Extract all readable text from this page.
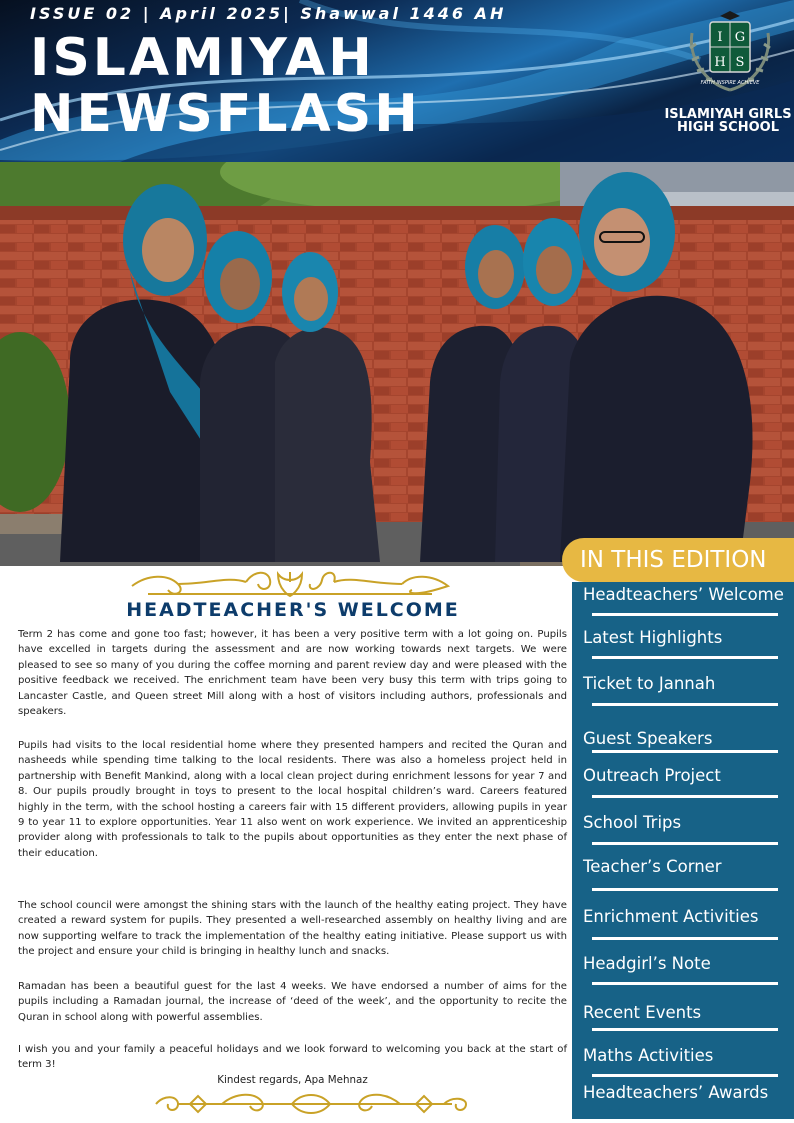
ISSUE 02 | April 2025| Shawwal 1446 AH
ISLAMIYAH
NEWSFLASH
I G
H S
FAITH INSPIRE ACHIEVE
ISLAMIYAH GIRLS
HIGH SCHOOL
IN THIS EDITION
Headteachers’ Welcome
Latest Highlights
Ticket to Jannah
Guest Speakers
Outreach Project
School Trips
Teacher’s Corner
Enrichment Activities
Headgirl’s Note
Recent Events
Maths Activities
Headteachers’ Awards
HEADTEACHER'S WELCOME

Term 2 has come and gone too fast; however, it has been a very positive term with a lot going on. Pupils have excelled in targets during the assessment and are now working towards next targets. We were pleased to see so many of you during the coffee morning and parent review day and were pleased with the positive feedback we received. The enrichment team have been very busy this term with trips going to Lancaster Castle, and Queen street Mill along with a host of visitors including authors, professionals and speakers.

Pupils had visits to the local residential home where they presented hampers and recited the Quran and nasheeds while spending time talking to the local residents. There was also a homeless project held in partnership with Benefit Mankind, along with a local clean project during enrichment lessons for year 7 and 8. Our pupils proudly brought in toys to present to the local hospital children’s ward. Careers featured highly in the term, with the school hosting a careers fair with 15 different providers, allowing pupils in year 9 to year 11 to explore opportunities. Year 11 also went on work experience. We invited an apprenticeship provider along with professionals to talk to the pupils about opportunities as they enter the next phase of their education.

The school council were amongst the shining stars with the launch of the healthy eating project. They have created a reward system for pupils. They presented a well-researched assembly on healthy living and are now supporting welfare to track the implementation of the healthy eating initiative. Please support us with the project and ensure your child is bringing in healthy lunch and snacks.

Ramadan has been a beautiful guest for the last 4 weeks. We have endorsed a number of aims for the pupils including a Ramadan journal, the increase of ‘deed of the week’, and the opportunity to recite the Quran in school along with powerful assemblies.

I wish you and your family a peaceful holidays and we look forward to welcoming you back at the start of term 3!

Kindest regards, Apa Mehnaz
